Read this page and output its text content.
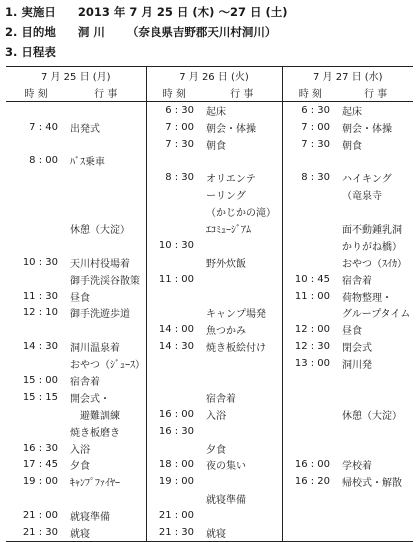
1. 実施日 2013 年 7 月 25 日 (木) ～27 日 (土)
2. 目的地 洞 川 （奈良県吉野郡天川村洞川）
3. 日程表
7 月 25 日 (月)		7 月 26 日 (火)		7 月 27 日 (水)	
時 刻	行 事	時 刻	行 事	時 刻	行 事
		6 : 30	起床	6 : 30	起床
7 : 40	出発式	7 : 00	朝会・体操	7 : 00	朝会・体操
		7 : 30	朝食	7 : 30	朝食
8 : 00	ﾊﾞｽ乗車				
		8 : 30	オリエンテ	8 : 30	ハイキング
			ーリング		（竜泉寺
			（かじかの滝）		
	休憩（大淀）		ｴｺﾐｭｰｼﾞｱﾑ		面不動鍾乳洞
		10 : 30			かりがね橋）
10 : 30	天川村役場着		野外炊飯		おやつ（ｽｲｶ）
	御手洗渓谷散策	11 : 00		10 : 45	宿舎着
11 : 30	昼食			11 : 00	荷物整理・
12 : 10	御手洗遊歩道		キャンプ場発		グループタイム
		14 : 00	魚つかみ	12 : 00	昼食
14 : 30	洞川温泉着	14 : 30	焼き板絵付け	12 : 30	閉会式
	おやつ（ｼﾞｭｰｽ）			13 : 00	洞川発
15 : 00	宿舎着				
15 : 15	開会式・		宿舎着		
	　避難訓練	16 : 00	入浴		休憩（大淀）
	焼き板磨き	16 : 30			
16 : 30	入浴		夕食		
17 : 45	夕食	18 : 00	夜の集い	16 : 00	学校着
19 : 00	ｷｬﾝﾌﾟﾌｧｲﾔｰ	19 : 00		16 : 20	帰校式・解散
			就寝準備		
21 : 00	就寝準備	21 : 00			
21 : 30	就寝	21 : 30	就寝		
